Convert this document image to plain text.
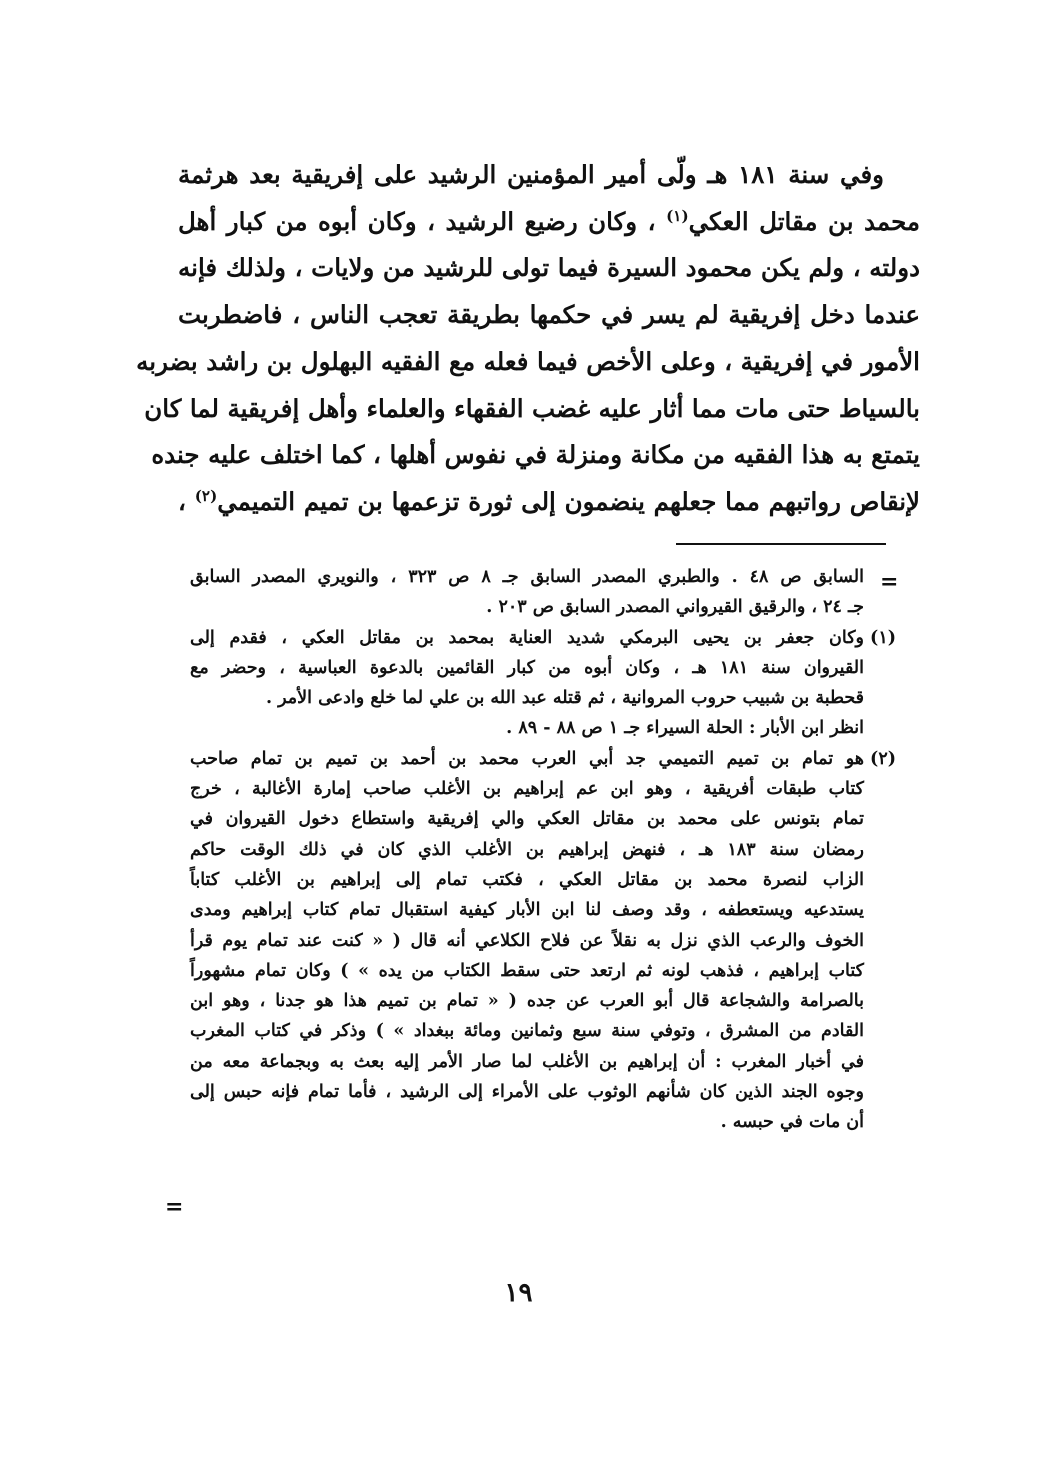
وفي سنة ١٨١ هـ ولّى أمير المؤمنين الرشيد على إفريقية بعد هرثمة
محمد بن مقاتل العكي$^{(١)}$ ، وكان رضيع الرشيد ، وكان أبوه من كبار أهل
دولته ، ولم يكن محمود السيرة فيما تولى للرشيد من ولايات ، ولذلك فإنه
عندما دخل إفريقية لم يسر في حكمها بطريقة تعجب الناس ، فاضطربت
الأمور في إفريقية ، وعلى الأخص فيما فعله مع الفقيه البهلول بن راشد بضربه
بالسياط حتى مات مما أثار عليه غضب الفقهاء والعلماء وأهل إفريقية لما كان
يتمتع به هذا الفقيه من مكانة ومنزلة في نفوس أهلها ، كما اختلف عليه جنده
لإنقاص رواتبهم مما جعلهم ينضمون إلى ثورة تزعمها بن تميم التميمي$^{(٢)}$ ،
=
السابق ص ٤٨ . والطبري المصدر السابق جـ ٨ ص ٣٢٣ ، والنويري المصدر السابق
جـ ٢٤ ، والرقيق القيرواني المصدر السابق ص ٢٠٣ .
(١)وكان جعفر بن يحيى البرمكي شديد العناية بمحمد بن مقاتل العكي ، فقدم إلى
القيروان سنة ١٨١ هـ ، وكان أبوه من كبار القائمين بالدعوة العباسية ، وحضر مع
قحطبة بن شبيب حروب المروانية ، ثم قتله عبد الله بن علي لما خلع وادعى الأمر .
انظر ابن الأبار : الحلة السيراء جـ ١ ص ٨٨ - ٨٩ .
(٢)هو تمام بن تميم التميمي جد أبي العرب محمد بن أحمد بن تميم بن تمام صاحب
كتاب طبقات أفريقية ، وهو ابن عم إبراهيم بن الأغلب صاحب إمارة الأغالبة ، خرج
تمام بتونس على محمد بن مقاتل العكي والي إفريقية واستطاع دخول القيروان في
رمضان سنة ١٨٣ هـ ، فنهض إبراهيم بن الأغلب الذي كان في ذلك الوقت حاكم
الزاب لنصرة محمد بن مقاتل العكي ، فكتب تمام إلى إبراهيم بن الأغلب كتاباً
يستدعيه ويستعطفه ، وقد وصف لنا ابن الأبار كيفية استقبال تمام كتاب إبراهيم ومدى
الخوف والرعب الذي نزل به نقلاً عن فلاح الكلاعي أنه قال ( « كنت عند تمام يوم قرأ
كتاب إبراهيم ، فذهب لونه ثم ارتعد حتى سقط الكتاب من يده » ) وكان تمام مشهوراً
بالصرامة والشجاعة قال أبو العرب عن جده ( « تمام بن تميم هذا هو جدنا ، وهو ابن
القادم من المشرق ، وتوفي سنة سبع وثمانين ومائة ببغداد » ) وذكر في كتاب المغرب
في أخبار المغرب : أن إبراهيم بن الأغلب لما صار الأمر إليه بعث به وبجماعة معه من
وجوه الجند الذين كان شأنهم الوثوب على الأمراء إلى الرشيد ، فأما تمام فإنه حبس إلى
أن مات في حبسه .
=
١٩
